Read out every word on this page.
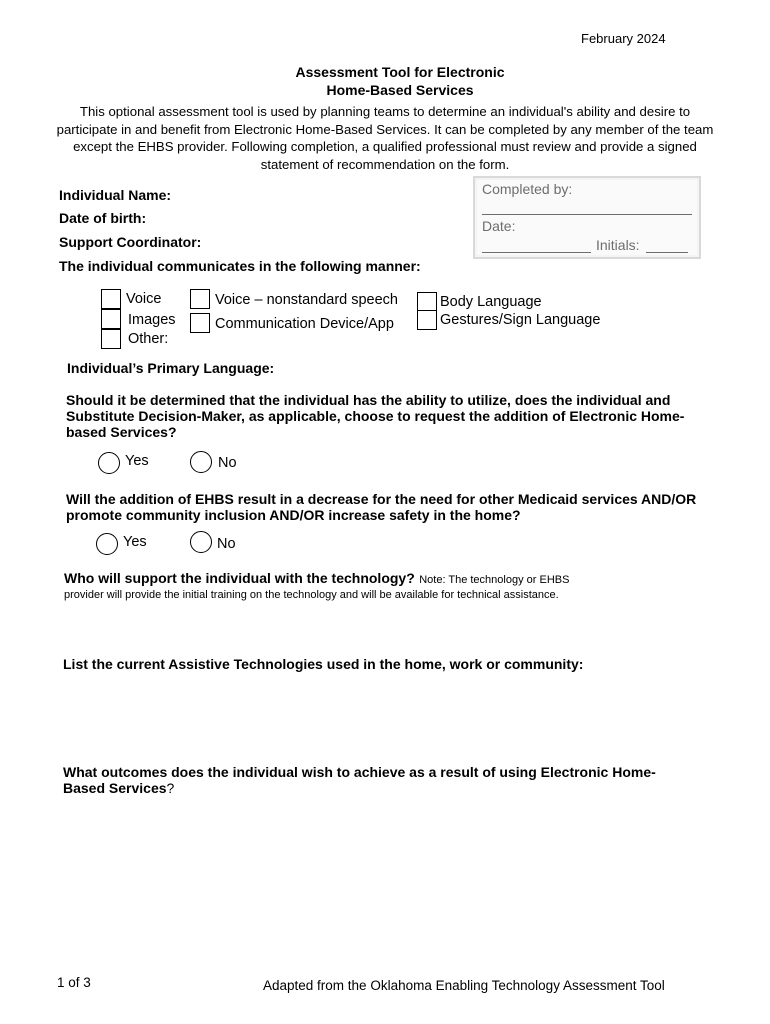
February 2024
Assessment Tool for Electronic
Home-Based Services
This optional assessment tool is used by planning teams to determine an individual's ability and desire to participate in and benefit from Electronic Home-Based Services. It can be completed by any member of the team except the EHBS provider. Following completion, a qualified professional must review and provide a signed statement of recommendation on the form.
Individual Name:
Date of birth:
Support Coordinator:
The individual communicates in the following manner:
Completed by:
Date:
Initials:
Voice
Images
Other:
Voice – nonstandard speech
Communication Device/App
Body Language
Gestures/Sign Language
Individual’s Primary Language:
Should it be determined that the individual has the ability to utilize, does the individual and Substitute Decision-Maker, as applicable, choose to request the addition of Electronic Home-based Services?
Yes	No
Will the addition of EHBS result in a decrease for the need for other Medicaid services AND/OR promote community inclusion AND/OR increase safety in the home?
Yes	No
Who will support the individual with the technology? Note: The technology or EHBS
provider will provide the initial training on the technology and will be available for technical assistance.
List the current Assistive Technologies used in the home, work or community:
What outcomes does the individual wish to achieve as a result of using Electronic Home-Based Services?
1 of 3	Adapted from the Oklahoma Enabling Technology Assessment Tool
